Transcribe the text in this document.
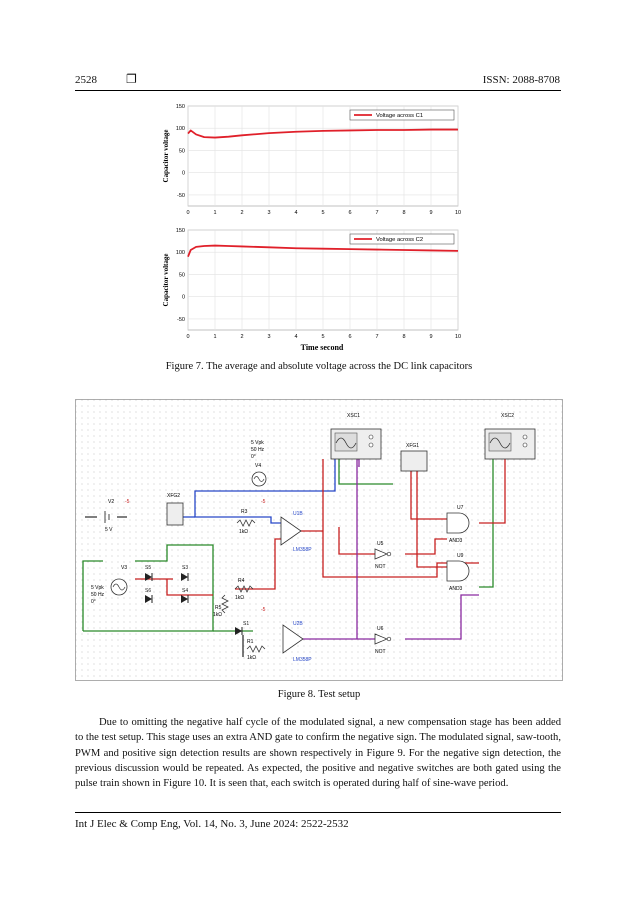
2528 ❐	ISSN: 2088-8708
0	1	2	3	4	5	6	7	8	9	10
150
100
50
0
-50
Capacitor voltage
Voltage across C1
0	1	2	3	4	5	6	7	8	9	10
150
100
50
0
-50
Capacitor voltage
Voltage across C2
Time second
Figure 7. The average and absolute voltage across the DC link capacitors
XSC1	XSC2
XFG1
XFG2
5 Vpk
50 Hz
0°
V4
V2
5 V
-5
V3
5 Vpk
50 Hz
0°
S5	S3
S6	S4
S1
R3
1kΩ
R4
1kΩ
R5
1kΩ
R1
1kΩ
U1B
LM358P
-5
U2B
LM358P
-5
U5
NOT
U6
NOT
U7
AND3
U9
AND3
Figure 8. Test setup

Due to omitting the negative half cycle of the modulated signal, a new compensation stage has been added to the test setup. This stage uses an extra AND gate to confirm the negative sign. The modulated signal, saw-tooth, PWM and positive sign detection results are shown respectively in Figure 9. For the negative sign detection, the previous discussion would be repeated. As expected, the positive and negative switches are both gated using the pulse train shown in Figure 10. It is seen that, each switch is operated during half of sine-wave period.

Int J Elec & Comp Eng, Vol. 14, No. 3, June 2024: 2522-2532
